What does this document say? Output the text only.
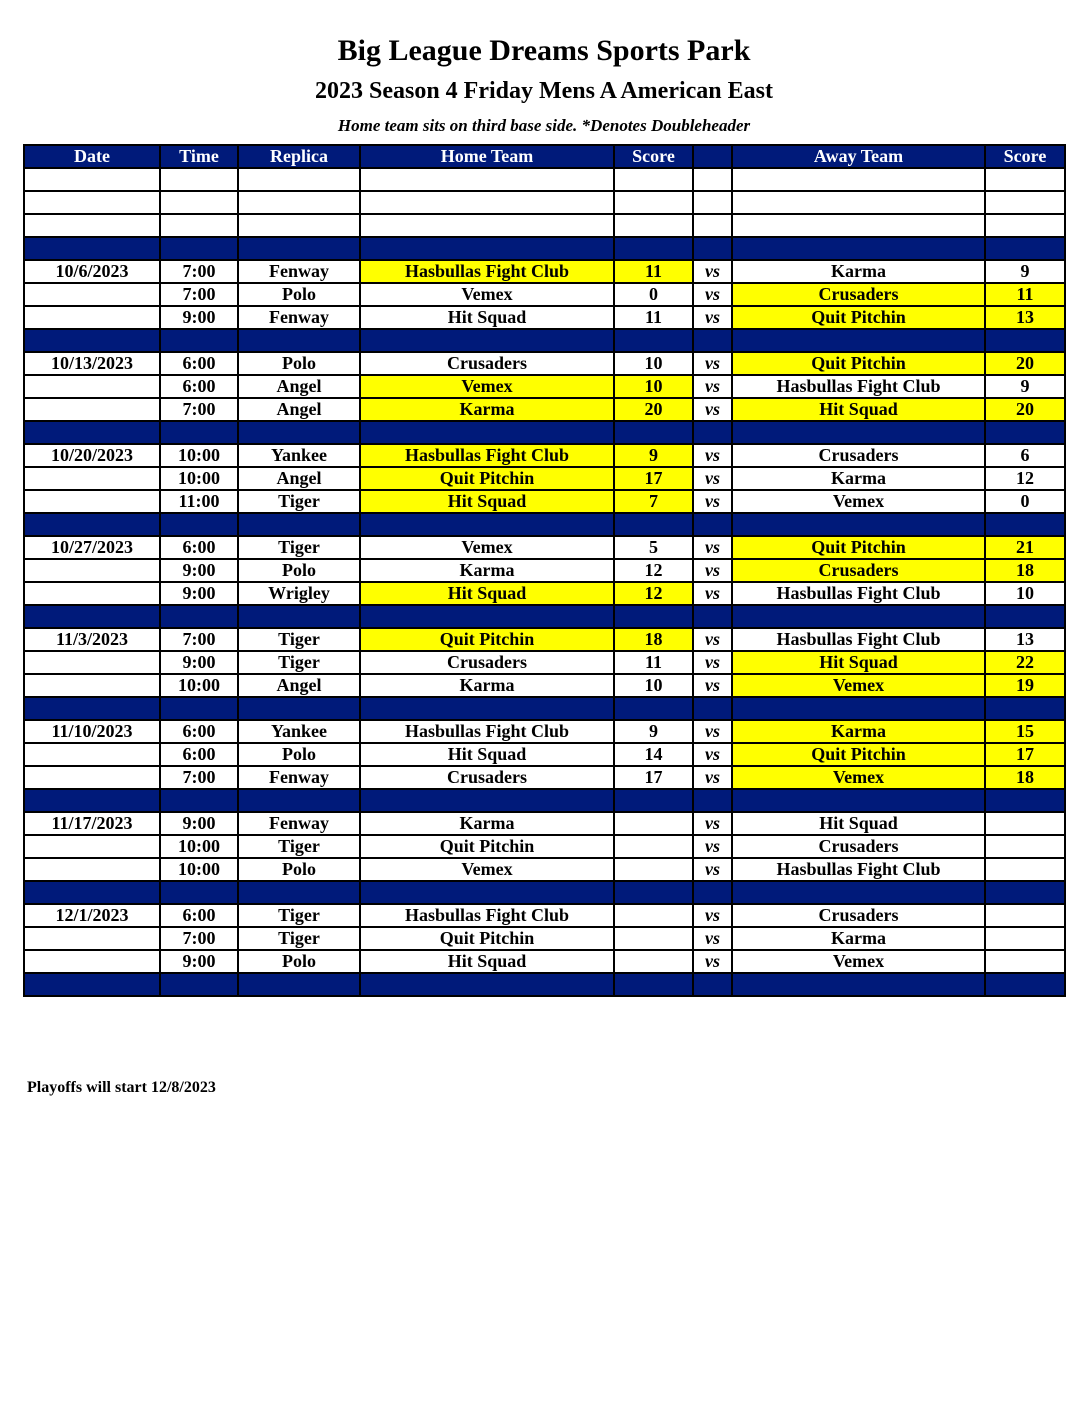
Big League Dreams Sports Park
2023 Season 4 Friday Mens A American East
Home team sits on third base side. *Denotes Doubleheader
Date	Time	Replica	Home Team	Score		Away Team	Score

10/6/2023	7:00	Fenway	Hasbullas Fight Club	11	vs	Karma	9
	7:00	Polo	Vemex	0	vs	Crusaders	11
	9:00	Fenway	Hit Squad	11	vs	Quit Pitchin	13

10/13/2023	6:00	Polo	Crusaders	10	vs	Quit Pitchin	20
	6:00	Angel	Vemex	10	vs	Hasbullas Fight Club	9
	7:00	Angel	Karma	20	vs	Hit Squad	20

10/20/2023	10:00	Yankee	Hasbullas Fight Club	9	vs	Crusaders	6
	10:00	Angel	Quit Pitchin	17	vs	Karma	12
	11:00	Tiger	Hit Squad	7	vs	Vemex	0

10/27/2023	6:00	Tiger	Vemex	5	vs	Quit Pitchin	21
	9:00	Polo	Karma	12	vs	Crusaders	18
	9:00	Wrigley	Hit Squad	12	vs	Hasbullas Fight Club	10

11/3/2023	7:00	Tiger	Quit Pitchin	18	vs	Hasbullas Fight Club	13
	9:00	Tiger	Crusaders	11	vs	Hit Squad	22
	10:00	Angel	Karma	10	vs	Vemex	19

11/10/2023	6:00	Yankee	Hasbullas Fight Club	9	vs	Karma	15
	6:00	Polo	Hit Squad	14	vs	Quit Pitchin	17
	7:00	Fenway	Crusaders	17	vs	Vemex	18

11/17/2023	9:00	Fenway	Karma		vs	Hit Squad	
	10:00	Tiger	Quit Pitchin		vs	Crusaders	
	10:00	Polo	Vemex		vs	Hasbullas Fight Club	

12/1/2023	6:00	Tiger	Hasbullas Fight Club		vs	Crusaders	
	7:00	Tiger	Quit Pitchin		vs	Karma	
	9:00	Polo	Hit Squad		vs	Vemex	

Playoffs will start 12/8/2023
